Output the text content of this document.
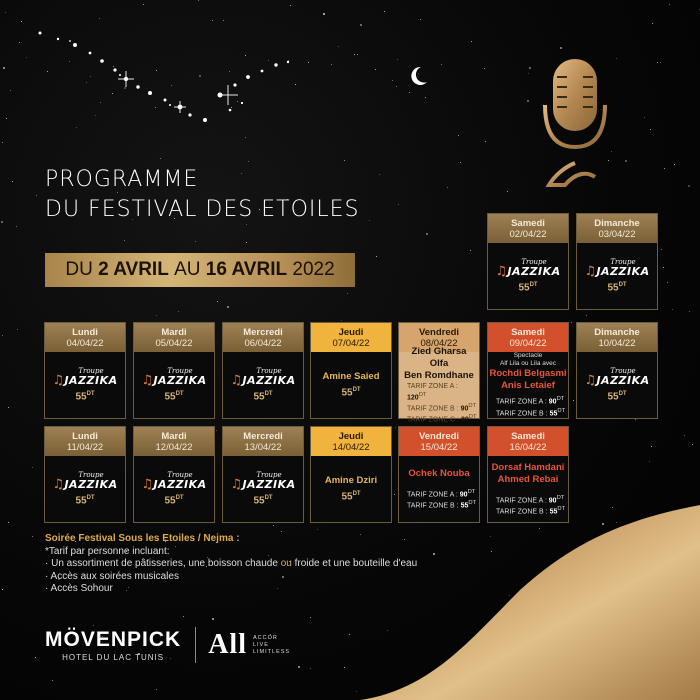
PROGRAMME
DU FESTIVAL DES ETOILES
DU
2 AVRIL
AU
16 AVRIL
2022
Samedi
02/04/22
Troupe
♫JAZZIKA
$55^{DT}$
Dimanche
03/04/22
Troupe
♫JAZZIKA
$55^{DT}$
Lundi
04/04/22
Troupe
♫JAZZIKA
$55^{DT}$
Mardi
05/04/22
Troupe
♫JAZZIKA
$55^{DT}$
Mercredi
06/04/22
Troupe
♫JAZZIKA
$55^{DT}$
Jeudi
07/04/22
Amine Saied
$55^{DT}$
Vendredi
08/04/22
Zied Gharsa
Olfa
Ben Romdhane
TARIF ZONE A : $120^{DT}$
TARIF ZONE B : $90^{DT}$
TARIF ZONE C : $80^{DT}$
Samedi
09/04/22
Spectacle
Alf Lila ou Lila avec
Rochdi Belgasmi
Anis Letaief
TARIF ZONE A : $90^{DT}$
TARIF ZONE B : $55^{DT}$
Dimanche
10/04/22
Troupe
♫JAZZIKA
$55^{DT}$
Lundi
11/04/22
Troupe
♫JAZZIKA
$55^{DT}$
Mardi
12/04/22
Troupe
♫JAZZIKA
$55^{DT}$
Mercredi
13/04/22
Troupe
♫JAZZIKA
$55^{DT}$
Jeudi
14/04/22
Amine Dziri
$55^{DT}$
Vendredi
15/04/22
Ochek Nouba
TARIF ZONE A : $90^{DT}$
TARIF ZONE B : $55^{DT}$
Samedi
16/04/22
Dorsaf Hamdani
Ahmed Rebai
TARIF ZONE A : $90^{DT}$
TARIF ZONE B : $55^{DT}$
Soirée Festival Sous les Etoiles / Nejma :
*Tarif par personne incluant:
· Un assortiment de pâtisseries, une boisson chaude ou froide et une bouteille d'eau
· Accès aux soirées musicales
· Accès Sohour
MÖVENPICK
HOTEL DU LAC TUNIS All ACCOR
LIVE
LIMITLESS
